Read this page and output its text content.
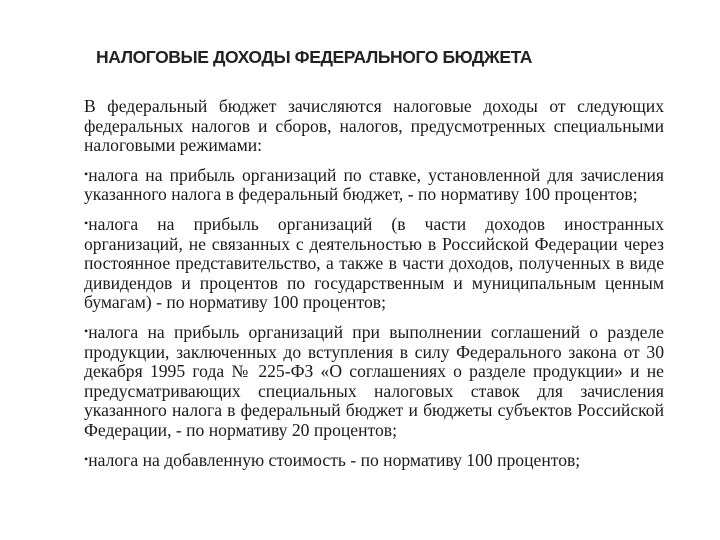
НАЛОГОВЫЕ ДОХОДЫ ФЕДЕРАЛЬНОГО БЮДЖЕТА

В федеральный бюджет зачисляются налоговые доходы от следующих федеральных налогов и сборов, налогов, предусмотренных специальными налоговыми режимами:

•налога на прибыль организаций по ставке, установленной для зачисления указанного налога в федеральный бюджет, - по нормативу 100 процентов;

•налога на прибыль организаций (в части доходов иностранных организаций, не связанных с деятельностью в Российской Федерации через постоянное представительство, а также в части доходов, полученных в виде дивидендов и процентов по государственным и муниципальным ценным бумагам) - по нормативу 100 процентов;

•налога на прибыль организаций при выполнении соглашений о разделе продукции, заключенных до вступления в силу Федерального закона от 30 декабря 1995 года № 225-ФЗ «О соглашениях о разделе продукции» и не предусматривающих специальных налоговых ставок для зачисления указанного налога в федеральный бюджет и бюджеты субъектов Российской Федерации, - по нормативу 20 процентов;

•налога на добавленную стоимость - по нормативу 100 процентов;
